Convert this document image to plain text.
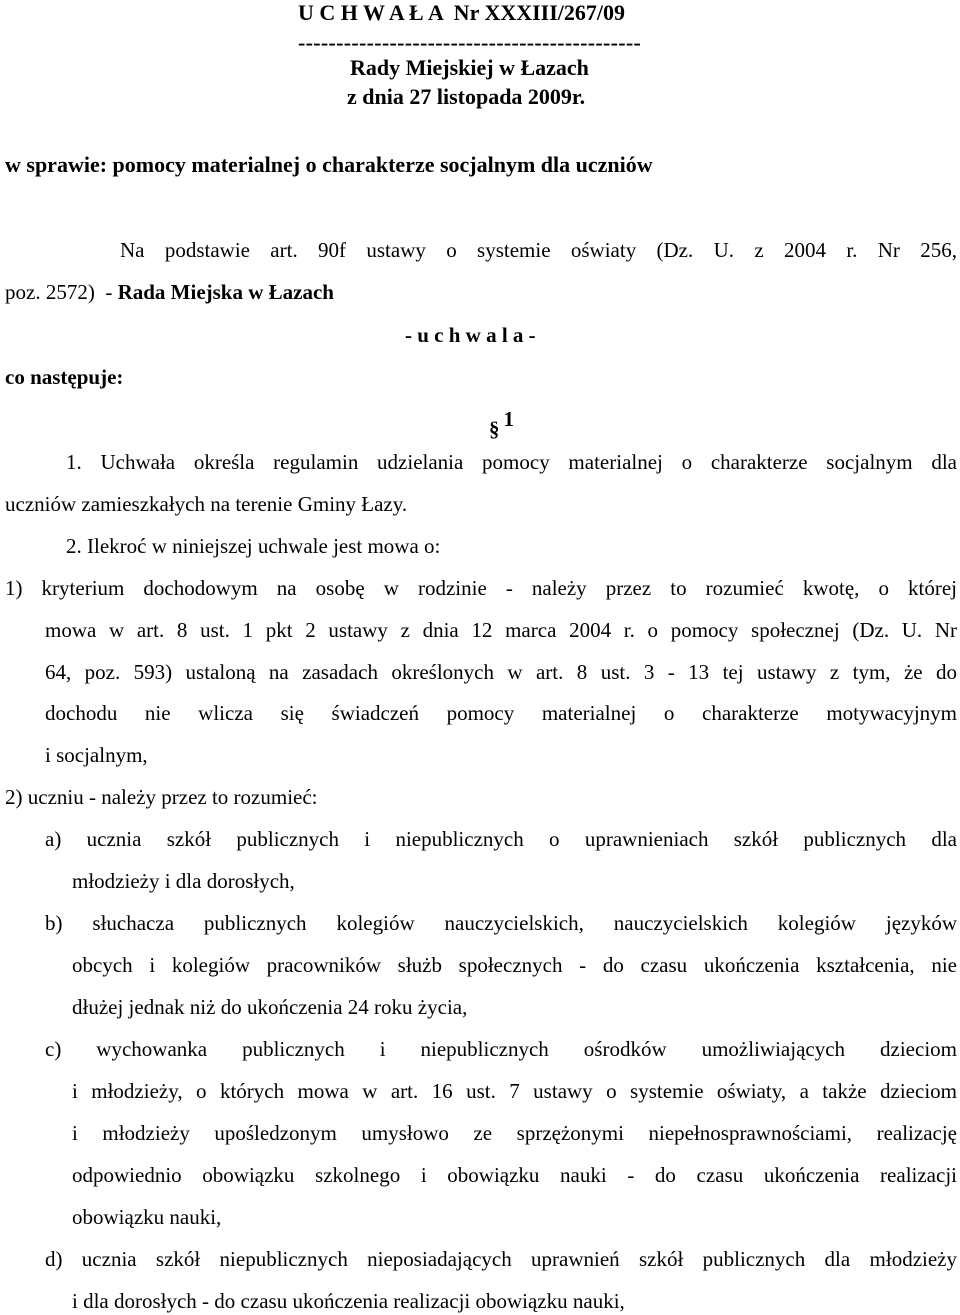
U C H W A Ł A  Nr XXXIII/267/09
---------------------------------------------
Rady Miejskiej w Łazach
z dnia 27 listopada 2009r.
w sprawie: pomocy materialnej o charakterze socjalnym dla uczniów
Na podstawie art. 90f ustawy o systemie oświaty (Dz. U. z 2004 r. Nr 256,
poz. 2572)  - Rada Miejska w Łazach
- u c h w a l a -
co następuje:
§ 1
1. Uchwała określa regulamin udzielania pomocy materialnej o charakterze socjalnym dla
uczniów zamieszkałych na terenie Gminy Łazy.
2. Ilekroć w niniejszej uchwale jest mowa o:
1) kryterium dochodowym na osobę w rodzinie - należy przez to rozumieć kwotę, o której
mowa w art. 8 ust. 1 pkt 2 ustawy z dnia 12 marca 2004 r. o pomocy społecznej (Dz. U. Nr
64, poz. 593) ustaloną na zasadach określonych w art. 8 ust. 3 - 13 tej ustawy z tym, że do
dochodu nie wlicza się świadczeń pomocy materialnej o charakterze motywacyjnym
i socjalnym,
2) uczniu - należy przez to rozumieć:
a) ucznia szkół publicznych i niepublicznych o uprawnieniach szkół publicznych dla
młodzieży i dla dorosłych,
b) słuchacza publicznych kolegiów nauczycielskich, nauczycielskich kolegiów języków
obcych i kolegiów pracowników służb społecznych - do czasu ukończenia kształcenia, nie
dłużej jednak niż do ukończenia 24 roku życia,
c) wychowanka publicznych i niepublicznych ośrodków umożliwiających dzieciom
i młodzieży, o których mowa w art. 16 ust. 7 ustawy o systemie oświaty, a także dzieciom
i młodzieży upośledzonym umysłowo ze sprzężonymi niepełnosprawnościami, realizację
odpowiednio obowiązku szkolnego i obowiązku nauki - do czasu ukończenia realizacji
obowiązku nauki,
d) ucznia szkół niepublicznych nieposiadających uprawnień szkół publicznych dla młodzieży
i dla dorosłych - do czasu ukończenia realizacji obowiązku nauki,
